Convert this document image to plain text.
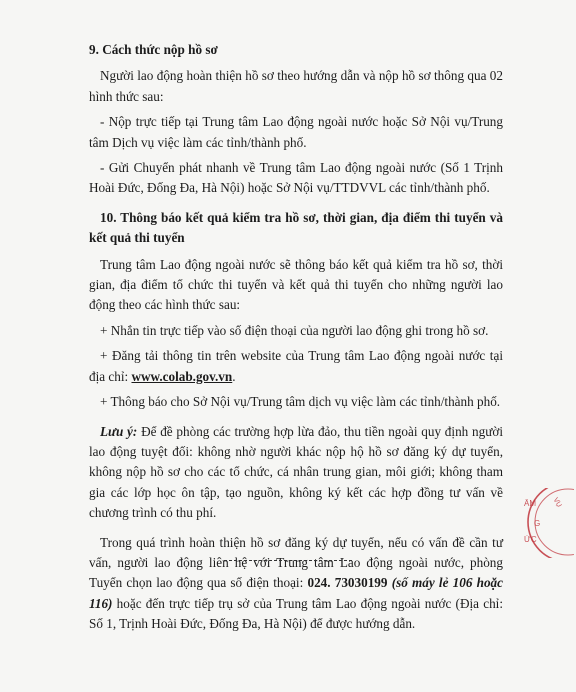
9. Cách thức nộp hồ sơ

Người lao động hoàn thiện hồ sơ theo hướng dẫn và nộp hồ sơ thông qua 02 hình thức sau:

- Nộp trực tiếp tại Trung tâm Lao động ngoài nước hoặc Sở Nội vụ/Trung tâm Dịch vụ việc làm các tỉnh/thành phố.

- Gửi Chuyển phát nhanh về Trung tâm Lao động ngoài nước (Số 1 Trịnh Hoài Đức, Đống Đa, Hà Nội) hoặc Sở Nội vụ/TTDVVL các tỉnh/thành phố.

10. Thông báo kết quả kiểm tra hồ sơ, thời gian, địa điểm thi tuyển và kết quả thi tuyển

Trung tâm Lao động ngoài nước sẽ thông báo kết quả kiểm tra hồ sơ, thời gian, địa điểm tổ chức thi tuyển và kết quả thi tuyển cho những người lao động theo các hình thức sau:

+ Nhắn tin trực tiếp vào số điện thoại của người lao động ghi trong hồ sơ.

+ Đăng tải thông tin trên website của Trung tâm Lao động ngoài nước tại địa chỉ: www.colab.gov.vn.

+ Thông báo cho Sở Nội vụ/Trung tâm dịch vụ việc làm các tỉnh/thành phố.

Lưu ý: Để đề phòng các trường hợp lừa đảo, thu tiền ngoài quy định người lao động tuyệt đối: không nhờ người khác nộp hộ hồ sơ đăng ký dự tuyển, không nộp hồ sơ cho các tổ chức, cá nhân trung gian, môi giới; không tham gia các lớp học ôn tập, tạo nguồn, không ký kết các hợp đồng tư vấn về chương trình có thu phí.

Trong quá trình hoàn thiện hồ sơ đăng ký dự tuyển, nếu có vấn đề cần tư vấn, người lao động liên hệ với Trung tâm Lao động ngoài nước, phòng Tuyển chọn lao động qua số điện thoại: 024. 73030199 (số máy lẻ 106 hoặc 116) hoặc đến trực tiếp trụ sở của Trung tâm Lao động ngoài nước (Địa chỉ: Số 1, Trịnh Hoài Đức, Đống Đa, Hà Nội) để được hướng dẫn.

ÂM VỤ
G
ỨC
